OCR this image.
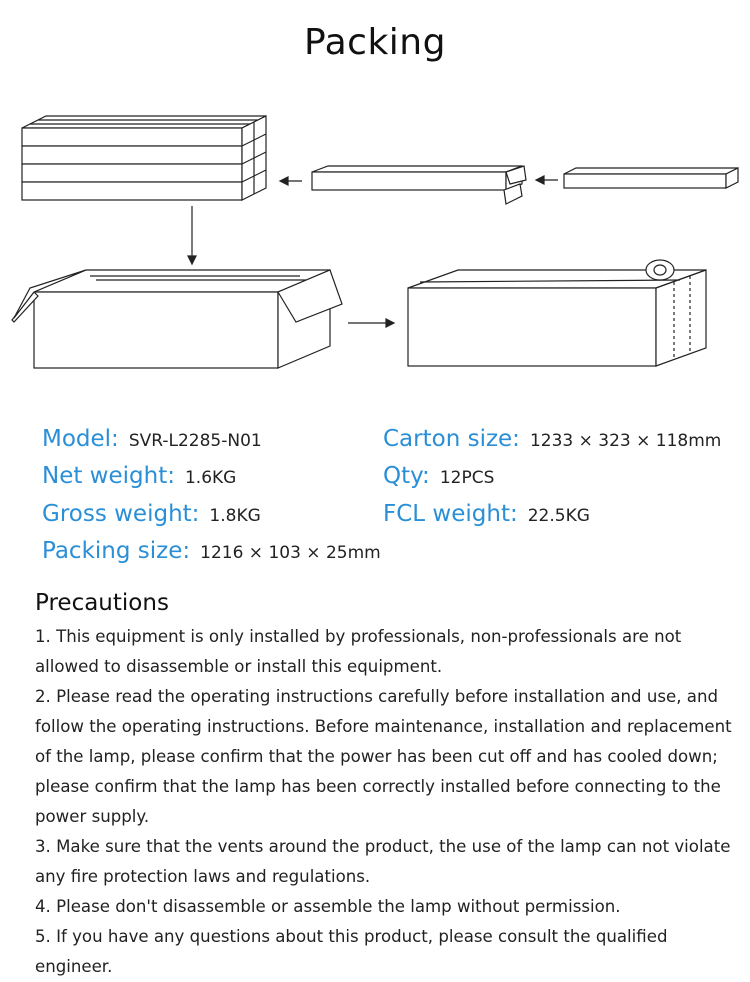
Packing
Model: SVR-L2285-N01
Net weight: 1.6KG
Gross weight: 1.8KG
Packing size: 1216 × 103 × 25mm
Carton size: 1233 × 323 × 118mm
Qty: 12PCS
FCL weight: 22.5KG
Precautions

1. This equipment is only installed by professionals, non-professionals are not allowed to disassemble or install this equipment.

2. Please read the operating instructions carefully before installation and use, and follow the operating instructions. Before maintenance, installation and replacement of the lamp, please confirm that the power has been cut off and has cooled down; please confirm that the lamp has been correctly installed before connecting to the power supply.

3. Make sure that the vents around the product, the use of the lamp can not violate any fire protection laws and regulations.

4. Please don't disassemble or assemble the lamp without permission.

5. If you have any questions about this product, please consult the qualified engineer.
